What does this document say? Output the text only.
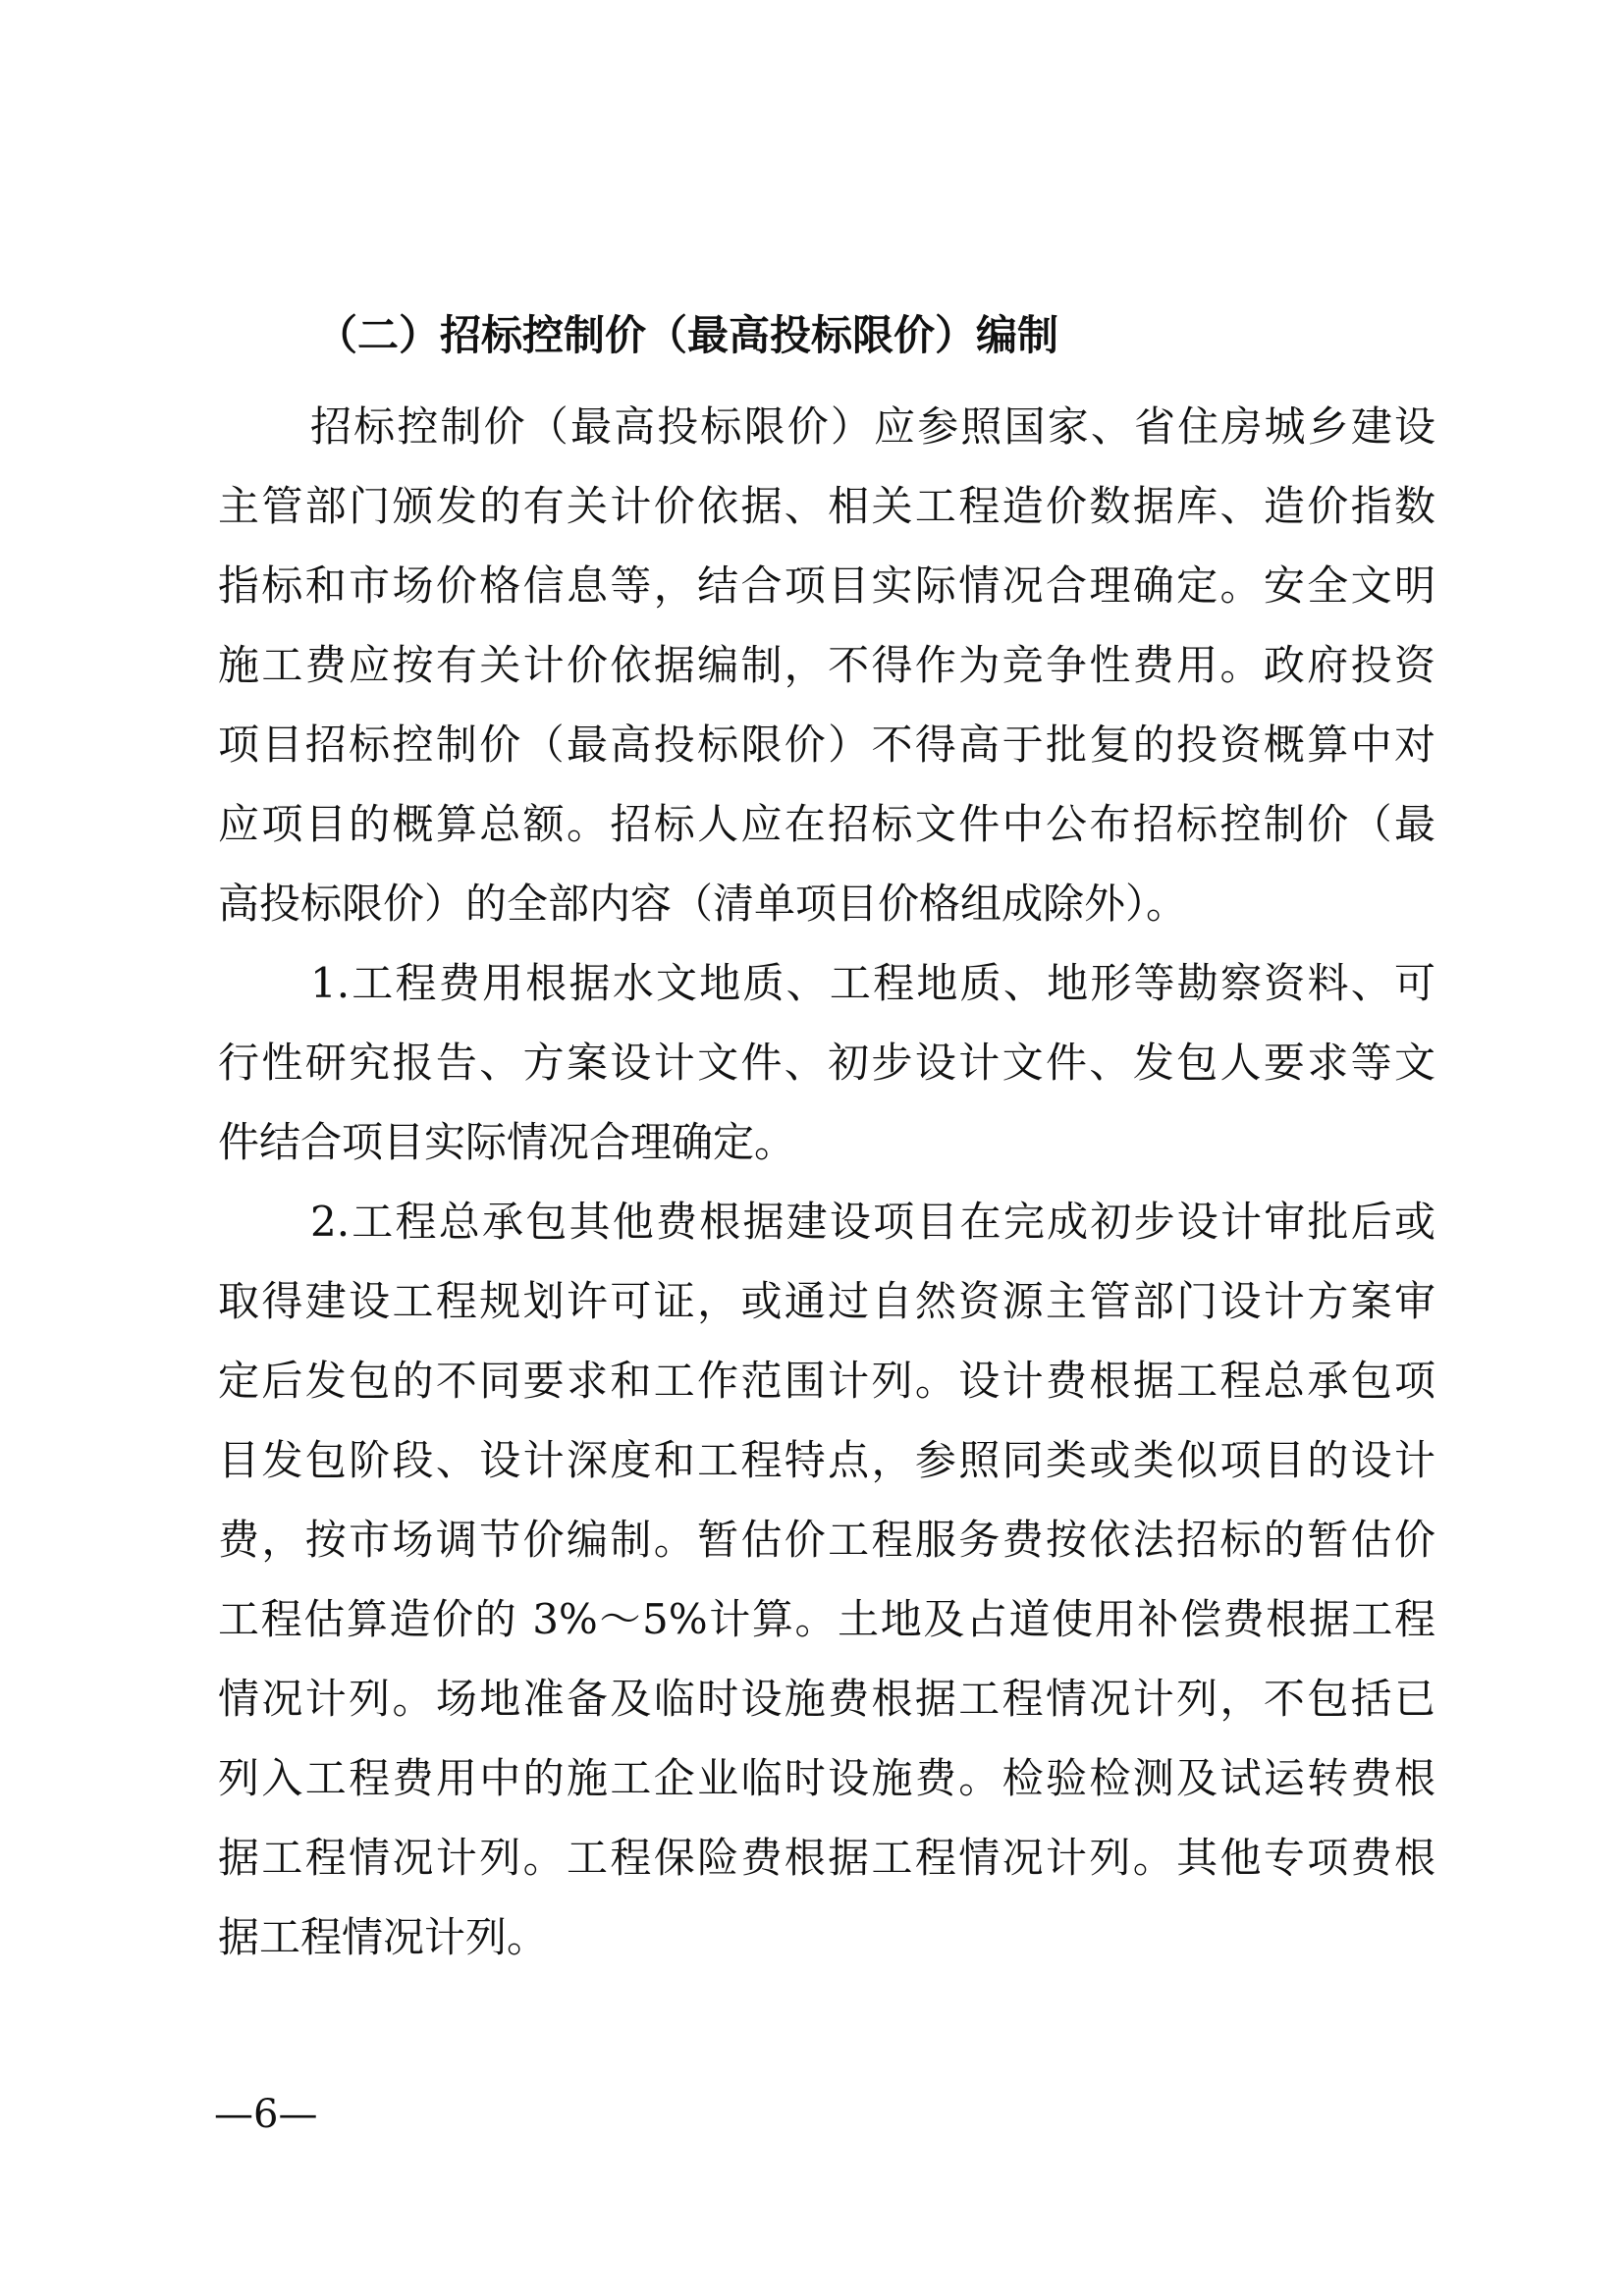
（二）招标控制价（最高投标限价）编制
招标控制价（最高投标限价）应参照国家、省住房城乡建设
主管部门颁发的有关计价依据、相关工程造价数据库、造价指数
指标和市场价格信息等，结合项目实际情况合理确定。安全文明
施工费应按有关计价依据编制，不得作为竞争性费用。政府投资
项目招标控制价（最高投标限价）不得高于批复的投资概算中对
应项目的概算总额。招标人应在招标文件中公布招标控制价（最
高投标限价）的全部内容（清单项目价格组成除外）。
1.工程费用根据水文地质、工程地质、地形等勘察资料、可
行性研究报告、方案设计文件、初步设计文件、发包人要求等文
件结合项目实际情况合理确定。
2.工程总承包其他费根据建设项目在完成初步设计审批后或
取得建设工程规划许可证，或通过自然资源主管部门设计方案审
定后发包的不同要求和工作范围计列。设计费根据工程总承包项
目发包阶段、设计深度和工程特点，参照同类或类似项目的设计
费，按市场调节价编制。暂估价工程服务费按依法招标的暂估价
工程估算造价的 3%～5%计算。土地及占道使用补偿费根据工程
情况计列。场地准备及临时设施费根据工程情况计列，不包括已
列入工程费用中的施工企业临时设施费。检验检测及试运转费根
据工程情况计列。工程保险费根据工程情况计列。其他专项费根
据工程情况计列。
—6—
